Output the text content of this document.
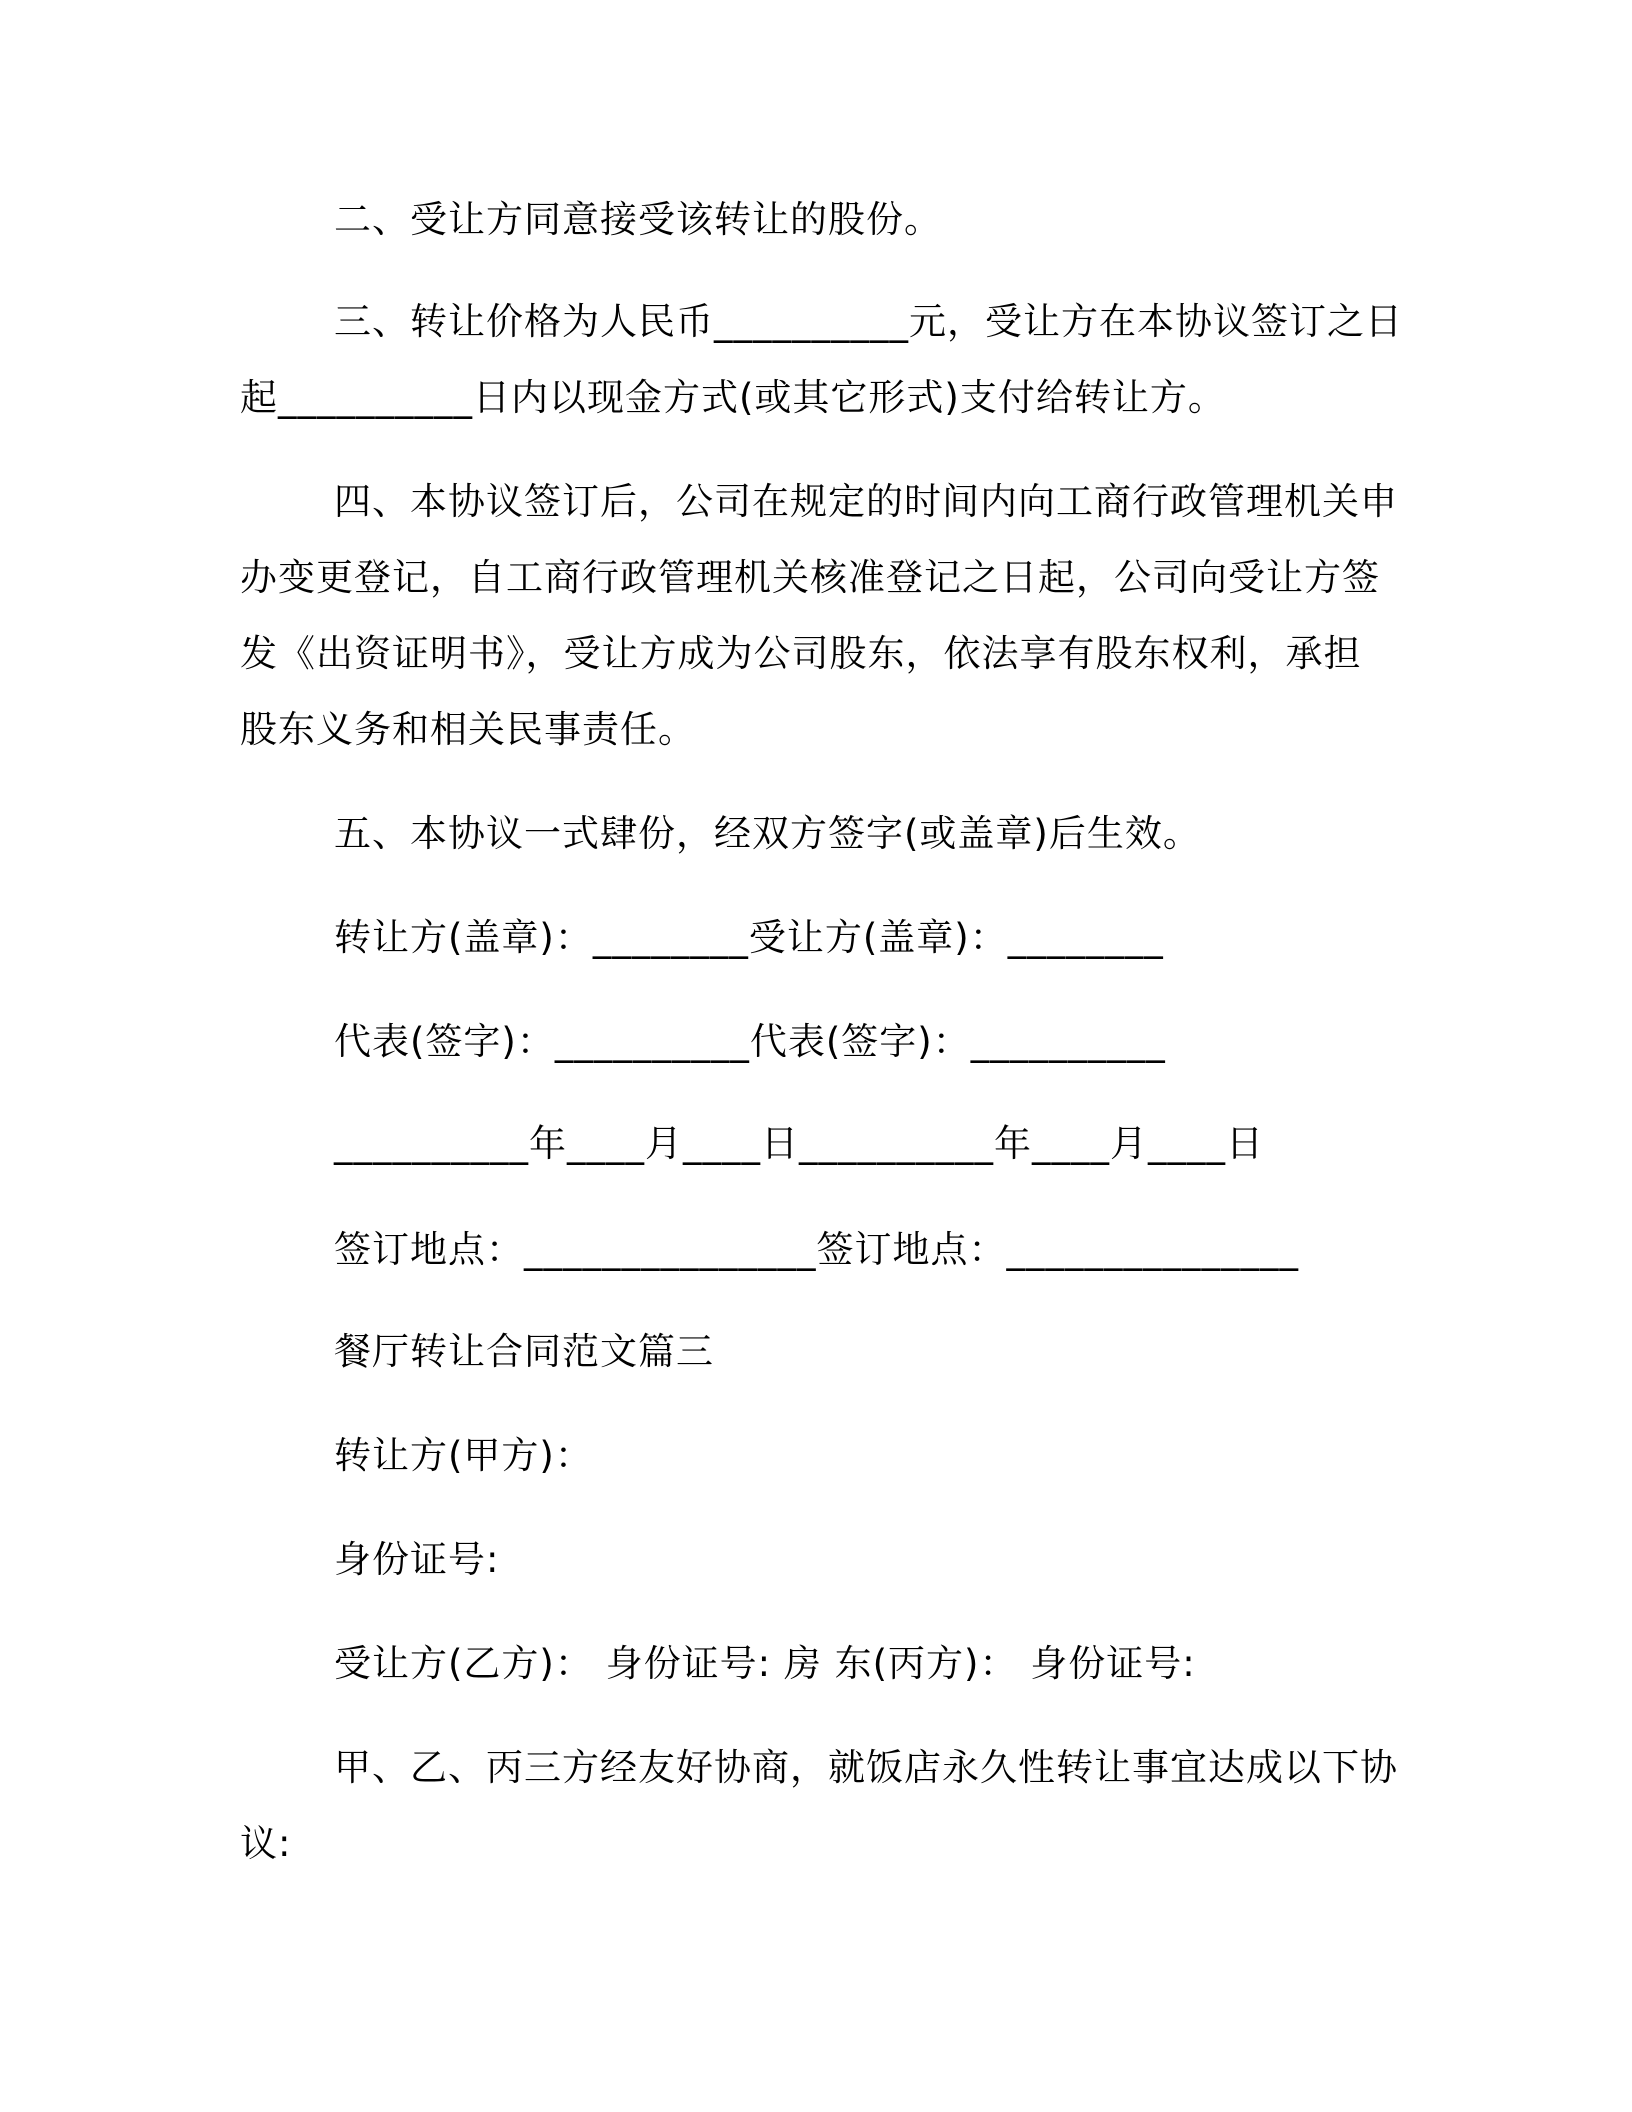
二、受让方同意接受该转让的股份。
三、转让价格为人民币__________元，受让方在本协议签订之日
起__________日内以现金方式(或其它形式)支付给转让方。
四、本协议签订后，公司在规定的时间内向工商行政管理机关申
办变更登记，自工商行政管理机关核准登记之日起，公司向受让方签
发《出资证明书》，受让方成为公司股东，依法享有股东权利，承担
股东义务和相关民事责任。
五、本协议一式肆份，经双方签字(或盖章)后生效。
转让方(盖章)：________受让方(盖章)：________
代表(签字)：__________代表(签字)：__________
__________年____月____日__________年____月____日
签订地点：_______________签订地点：_______________
餐厅转让合同范文篇三
转让方(甲方)：
身份证号:
受让方(乙方)： 身份证号: 房 东(丙方)： 身份证号:
甲、乙、丙三方经友好协商，就饭店永久性转让事宜达成以下协
议:
